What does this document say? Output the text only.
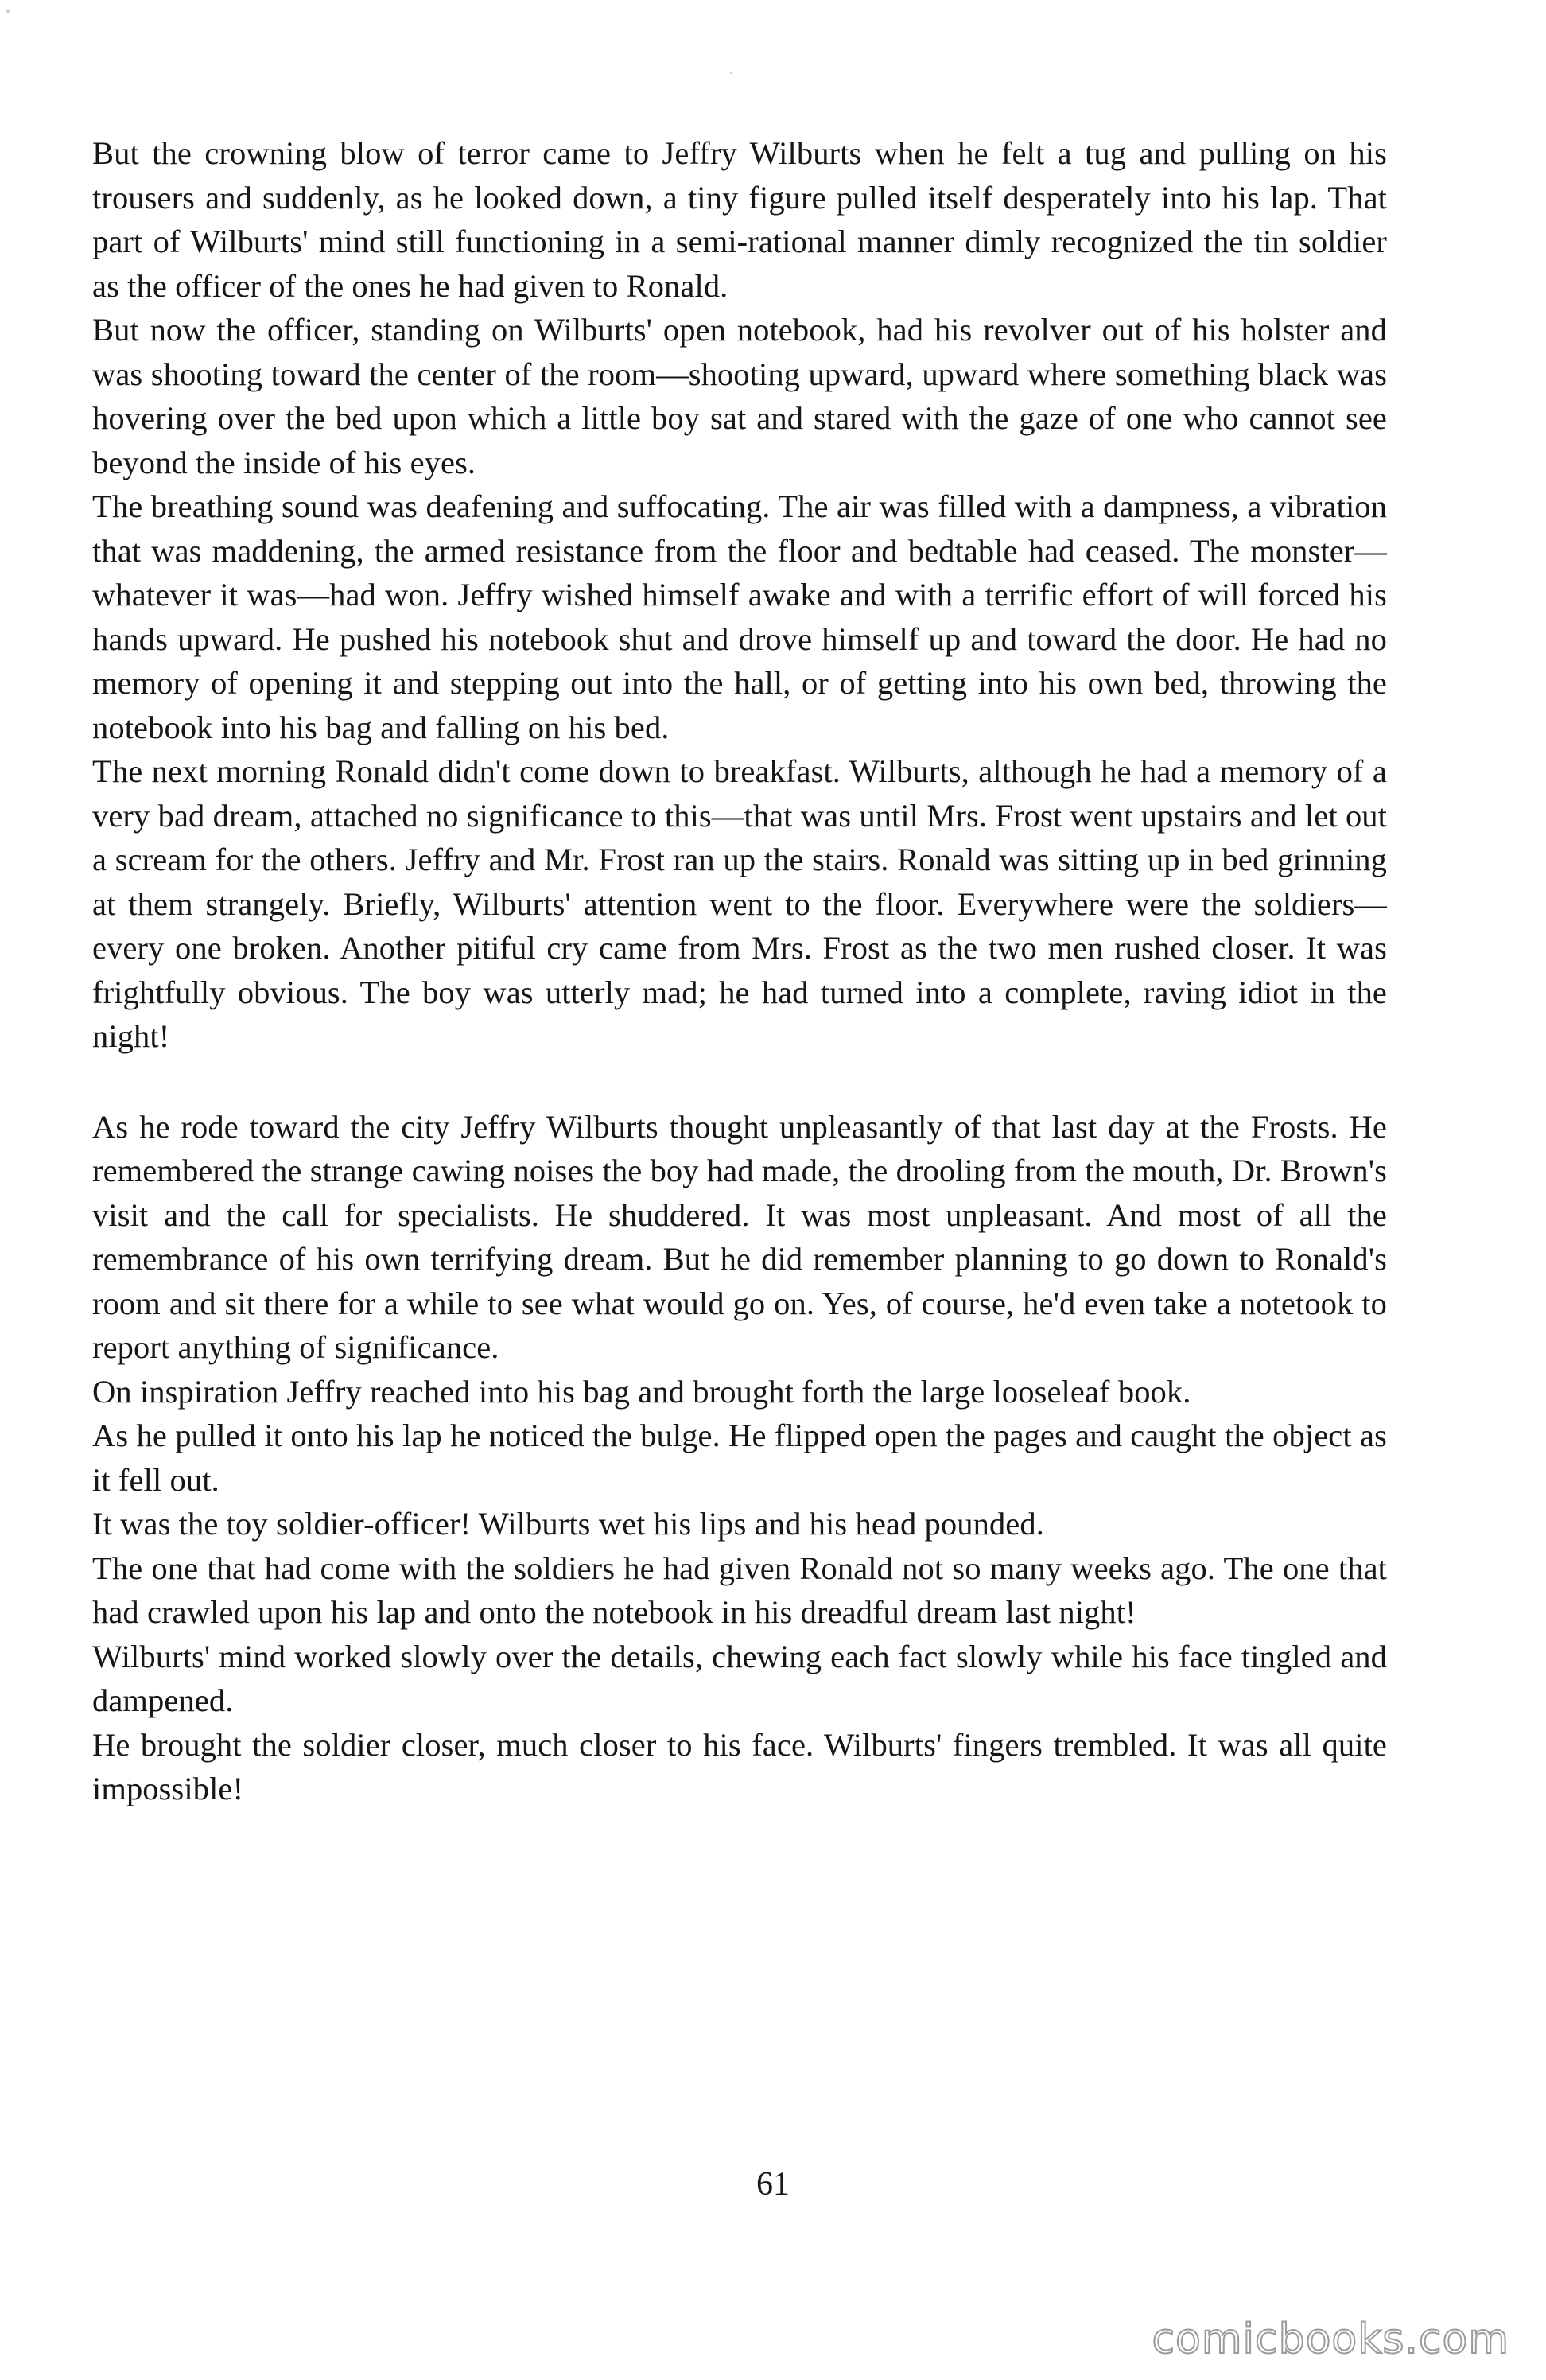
But the crowning blow of terror came to Jeffry Wilburts when he felt a tug and pulling on his trousers and suddenly, as he looked down, a tiny figure pulled itself desperately into his lap. That part of Wilburts' mind still functioning in a semi-rational manner dimly recognized the tin soldier as the officer of the ones he had given to Ronald.

But now the officer, standing on Wilburts' open notebook, had his revolver out of his holster and was shooting toward the center of the room—shooting upward, upward where something black was hovering over the bed upon which a little boy sat and stared with the gaze of one who cannot see beyond the inside of his eyes.

The breathing sound was deafening and suffocating. The air was filled with a dampness, a vibration that was maddening, the armed resistance from the floor and bedtable had ceased. The monster—whatever it was—had won. Jeffry wished himself awake and with a terrific effort of will forced his hands upward. He pushed his notebook shut and drove himself up and toward the door. He had no memory of opening it and stepping out into the hall, or of getting into his own bed, throwing the notebook into his bag and falling on his bed.

The next morning Ronald didn't come down to breakfast. Wilburts, although he had a memory of a very bad dream, attached no significance to this—that was until Mrs. Frost went upstairs and let out a scream for the others. Jeffry and Mr. Frost ran up the stairs. Ronald was sitting up in bed grinning at them strangely. Briefly, Wilburts' attention went to the floor. Everywhere were the soldiers—every one broken. Another pitiful cry came from Mrs. Frost as the two men rushed closer. It was frightfully obvious. The boy was utterly mad; he had turned into a complete, raving idiot in the night!

As he rode toward the city Jeffry Wilburts thought unpleasantly of that last day at the Frosts. He remembered the strange cawing noises the boy had made, the drooling from the mouth, Dr. Brown's visit and the call for specialists. He shuddered. It was most unpleasant. And most of all the remembrance of his own terrifying dream. But he did remember planning to go down to Ronald's room and sit there for a while to see what would go on. Yes, of course, he'd even take a notetook to report anything of significance.

On inspiration Jeffry reached into his bag and brought forth the large looseleaf book.

As he pulled it onto his lap he noticed the bulge. He flipped open the pages and caught the object as it fell out.

It was the toy soldier-officer! Wilburts wet his lips and his head pounded.

The one that had come with the soldiers he had given Ronald not so many weeks ago. The one that had crawled upon his lap and onto the notebook in his dreadful dream last night!

Wilburts' mind worked slowly over the details, chewing each fact slowly while his face tingled and dampened.

He brought the soldier closer, much closer to his face. Wilburts' fingers trembled. It was all quite impossible!

61
comicbooks.com
